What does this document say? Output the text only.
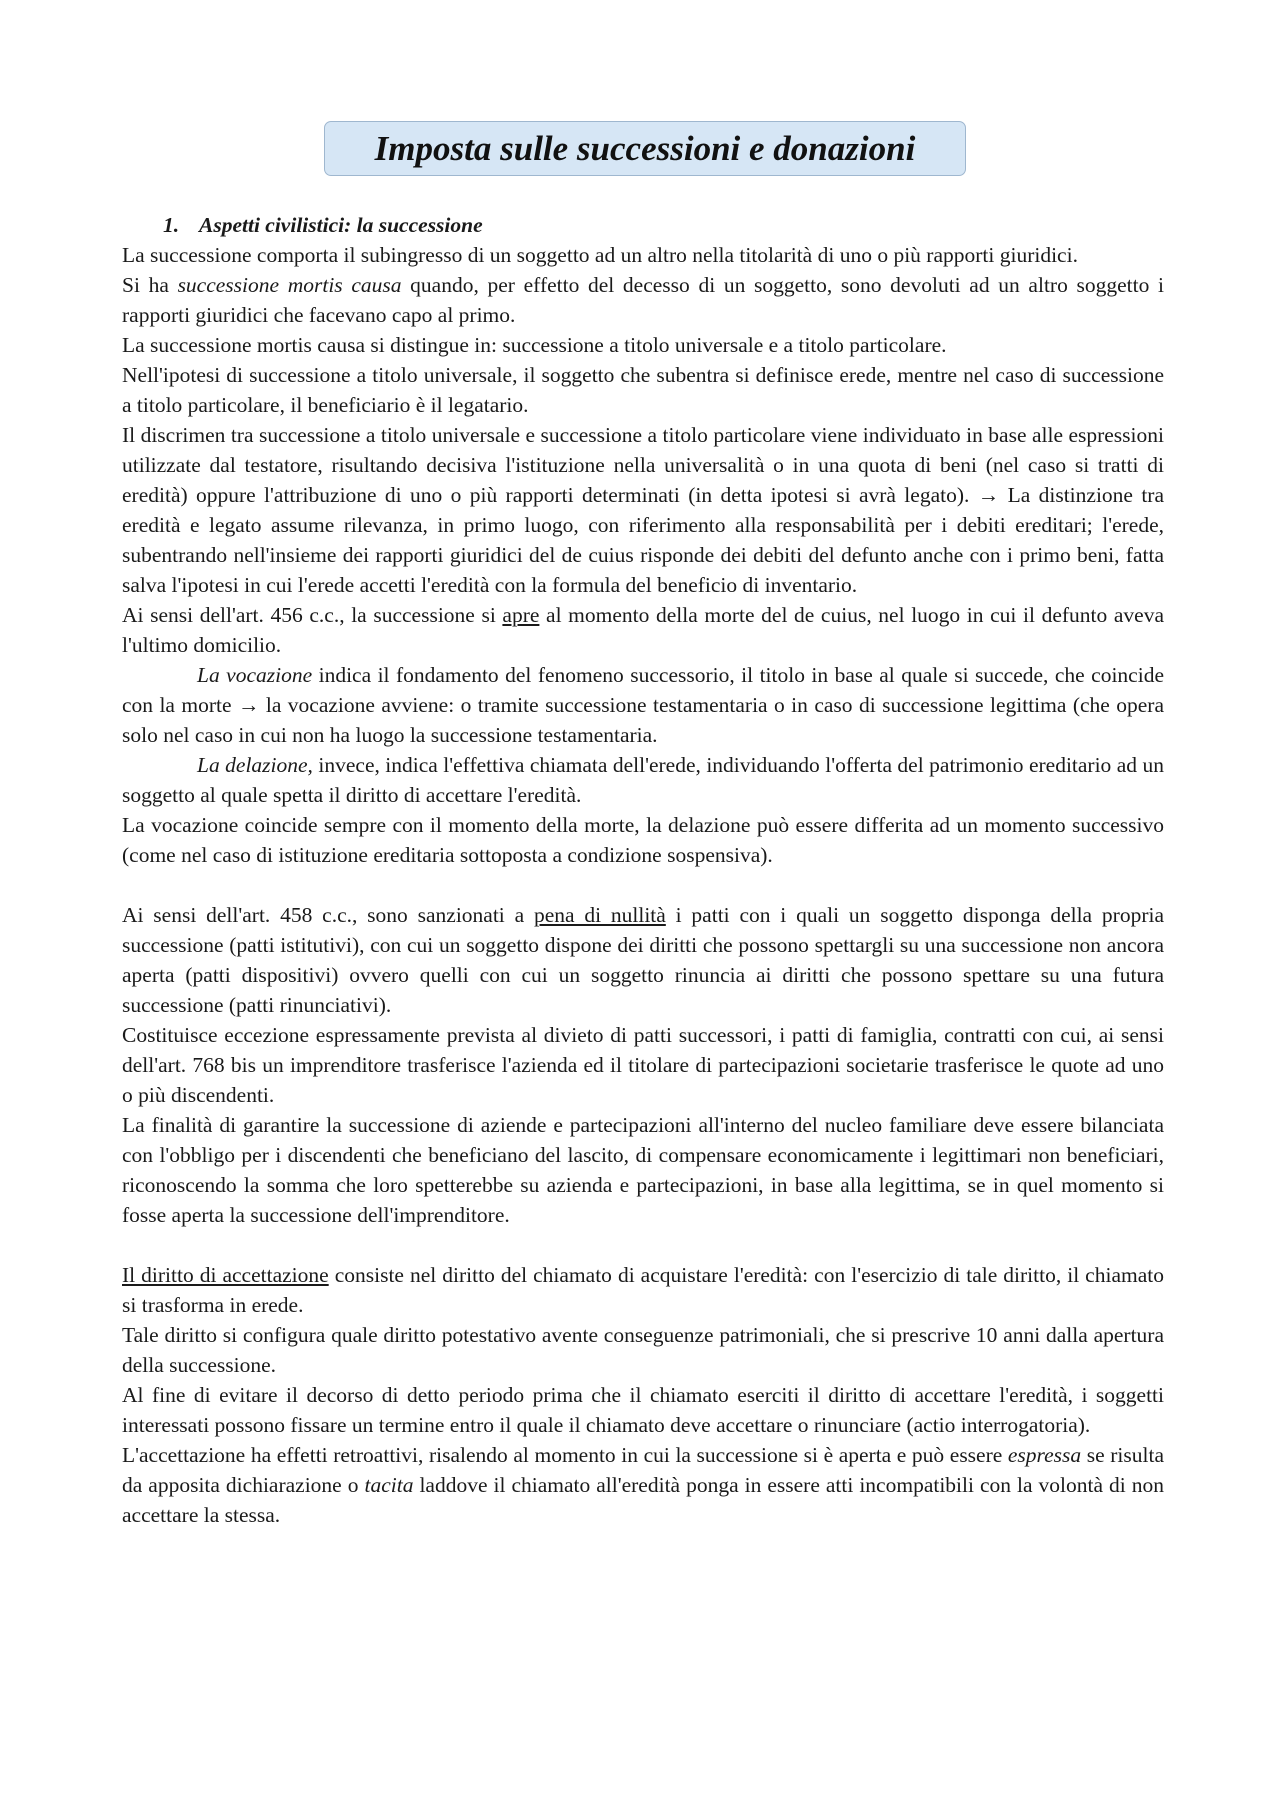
Imposta sulle successioni e donazioni
1. Aspetti civilistici: la successione

La successione comporta il subingresso di un soggetto ad un altro nella titolarità di uno o più rapporti giuridici.

Si ha successione mortis causa quando, per effetto del decesso di un soggetto, sono devoluti ad un altro soggetto i rapporti giuridici che facevano capo al primo.

La successione mortis causa si distingue in: successione a titolo universale e a titolo particolare.

Nell'ipotesi di successione a titolo universale, il soggetto che subentra si definisce erede, mentre nel caso di successione a titolo particolare, il beneficiario è il legatario.

Il discrimen tra successione a titolo universale e successione a titolo particolare viene individuato in base alle espressioni utilizzate dal testatore, risultando decisiva l'istituzione nella universalità o in una quota di beni (nel caso si tratti di eredità) oppure l'attribuzione di uno o più rapporti determinati (in detta ipotesi si avrà legato). → La distinzione tra eredità e legato assume rilevanza, in primo luogo, con riferimento alla responsabilità per i debiti ereditari; l'erede, subentrando nell'insieme dei rapporti giuridici del de cuius risponde dei debiti del defunto anche con i primo beni, fatta salva l'ipotesi in cui l'erede accetti l'eredità con la formula del beneficio di inventario.

Ai sensi dell'art. 456 c.c., la successione si apre al momento della morte del de cuius, nel luogo in cui il defunto aveva l'ultimo domicilio.

La vocazione indica il fondamento del fenomeno successorio, il titolo in base al quale si succede, che coincide con la morte → la vocazione avviene: o tramite successione testamentaria o in caso di successione legittima (che opera solo nel caso in cui non ha luogo la successione testamentaria.

La delazione, invece, indica l'effettiva chiamata dell'erede, individuando l'offerta del patrimonio ereditario ad un soggetto al quale spetta il diritto di accettare l'eredità.

La vocazione coincide sempre con il momento della morte, la delazione può essere differita ad un momento successivo (come nel caso di istituzione ereditaria sottoposta a condizione sospensiva).

Ai sensi dell'art. 458 c.c., sono sanzionati a pena di nullità i patti con i quali un soggetto disponga della propria successione (patti istitutivi), con cui un soggetto dispone dei diritti che possono spettargli su una successione non ancora aperta (patti dispositivi) ovvero quelli con cui un soggetto rinuncia ai diritti che possono spettare su una futura successione (patti rinunciativi).

Costituisce eccezione espressamente prevista al divieto di patti successori, i patti di famiglia, contratti con cui, ai sensi dell'art. 768 bis un imprenditore trasferisce l'azienda ed il titolare di partecipazioni societarie trasferisce le quote ad uno o più discendenti.

La finalità di garantire la successione di aziende e partecipazioni all'interno del nucleo familiare deve essere bilanciata con l'obbligo per i discendenti che beneficiano del lascito, di compensare economicamente i legittimari non beneficiari, riconoscendo la somma che loro spetterebbe su azienda e partecipazioni, in base alla legittima, se in quel momento si fosse aperta la successione dell'imprenditore.

Il diritto di accettazione consiste nel diritto del chiamato di acquistare l'eredità: con l'esercizio di tale diritto, il chiamato si trasforma in erede.

Tale diritto si configura quale diritto potestativo avente conseguenze patrimoniali, che si prescrive 10 anni dalla apertura della successione.

Al fine di evitare il decorso di detto periodo prima che il chiamato eserciti il diritto di accettare l'eredità, i soggetti interessati possono fissare un termine entro il quale il chiamato deve accettare o rinunciare (actio interrogatoria).

L'accettazione ha effetti retroattivi, risalendo al momento in cui la successione si è aperta e può essere espressa se risulta da apposita dichiarazione o tacita laddove il chiamato all'eredità ponga in essere atti incompatibili con la volontà di non accettare la stessa.
